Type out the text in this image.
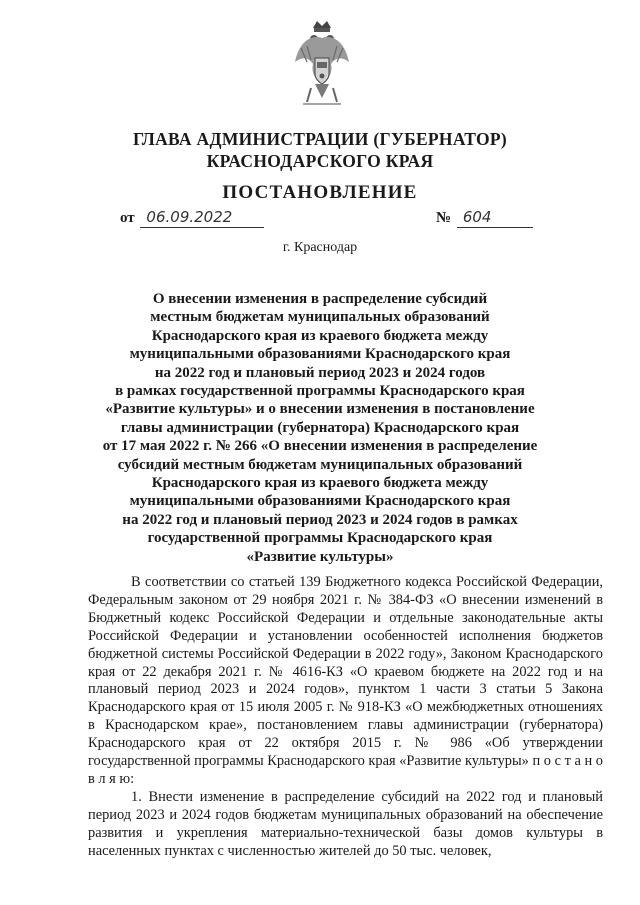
ГЛАВА АДМИНИСТРАЦИИ (ГУБЕРНАТОР)
КРАСНОДАРСКОГО КРАЯ
ПОСТАНОВЛЕНИЕ
от 06.09.2022	№ 604
г. Краснодар
О внесении изменения в распределение субсидий
местным бюджетам муниципальных образований
Краснодарского края из краевого бюджета между
муниципальными образованиями Краснодарского края
на 2022 год и плановый период 2023 и 2024 годов
в рамках государственной программы Краснодарского края
«Развитие культуры» и о внесении изменения в постановление
главы администрации (губернатора) Краснодарского края
от 17 мая 2022 г. № 266 «О внесении изменения в распределение
субсидий местным бюджетам муниципальных образований
Краснодарского края из краевого бюджета между
муниципальными образованиями Краснодарского края
на 2022 год и плановый период 2023 и 2024 годов в рамках
государственной программы Краснодарского края
«Развитие культуры»

В соответствии со статьей 139 Бюджетного кодекса Российской Федерации, Федеральным законом от 29 ноября 2021 г. № 384-ФЗ «О внесении изменений в Бюджетный кодекс Российской Федерации и отдельные законодательные акты Российской Федерации и установлении особенностей исполнения бюджетов бюджетной системы Российской Федерации в 2022 году», Законом Краснодарского края от 22 декабря 2021 г. № 4616-КЗ «О краевом бюджете на 2022 год и на плановый период 2023 и 2024 годов», пунктом 1 части 3 статьи 5 Закона Краснодарского края от 15 июля 2005 г. № 918-КЗ «О межбюджетных отношениях в Краснодарском крае», постановлением главы администрации (губернатора) Краснодарского края от 22 октября 2015 г. № 986 «Об утверждении государственной программы Краснодарского края «Развитие культуры» п о с т а н о в л я ю:

1. Внести изменение в распределение субсидий на 2022 год и плановый период 2023 и 2024 годов бюджетам муниципальных образований на обеспечение развития и укрепления материально-технической базы домов культуры в населенных пунктах с численностью жителей до 50 тыс. человек,
